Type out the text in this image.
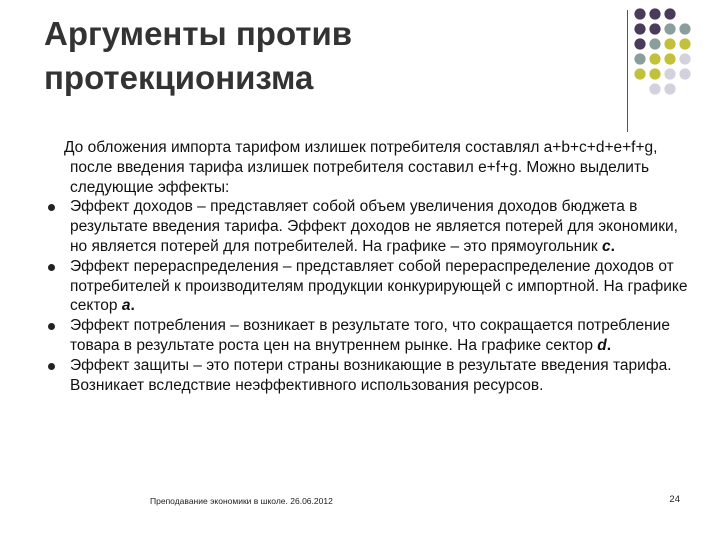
Аргументы против
протекционизма

До обложения импорта тарифом излишек потребителя составлял a+b+c+d+e+f+g, после введения тарифа излишек потребителя составил e+f+g. Можно выделить следующие эффекты:

Эффект доходов – представляет собой объем увеличения доходов бюджета в результате введения тарифа. Эффект доходов не является потерей для экономики, но является потерей для потребителей. На графике – это прямоугольник c.
Эффект перераспределения – представляет собой перераспределение доходов от потребителей к производителям продукции конкурирующей с импортной. На графике сектор a.
Эффект потребления – возникает в результате того, что сокращается потребление товара в результате роста цен на внутреннем рынке. На графике сектор d.
Эффект защиты – это потери страны возникающие в результате введения тарифа. Возникает вследствие неэффективного использования ресурсов.
Преподавание экономики в школе. 26.06.2012	24
